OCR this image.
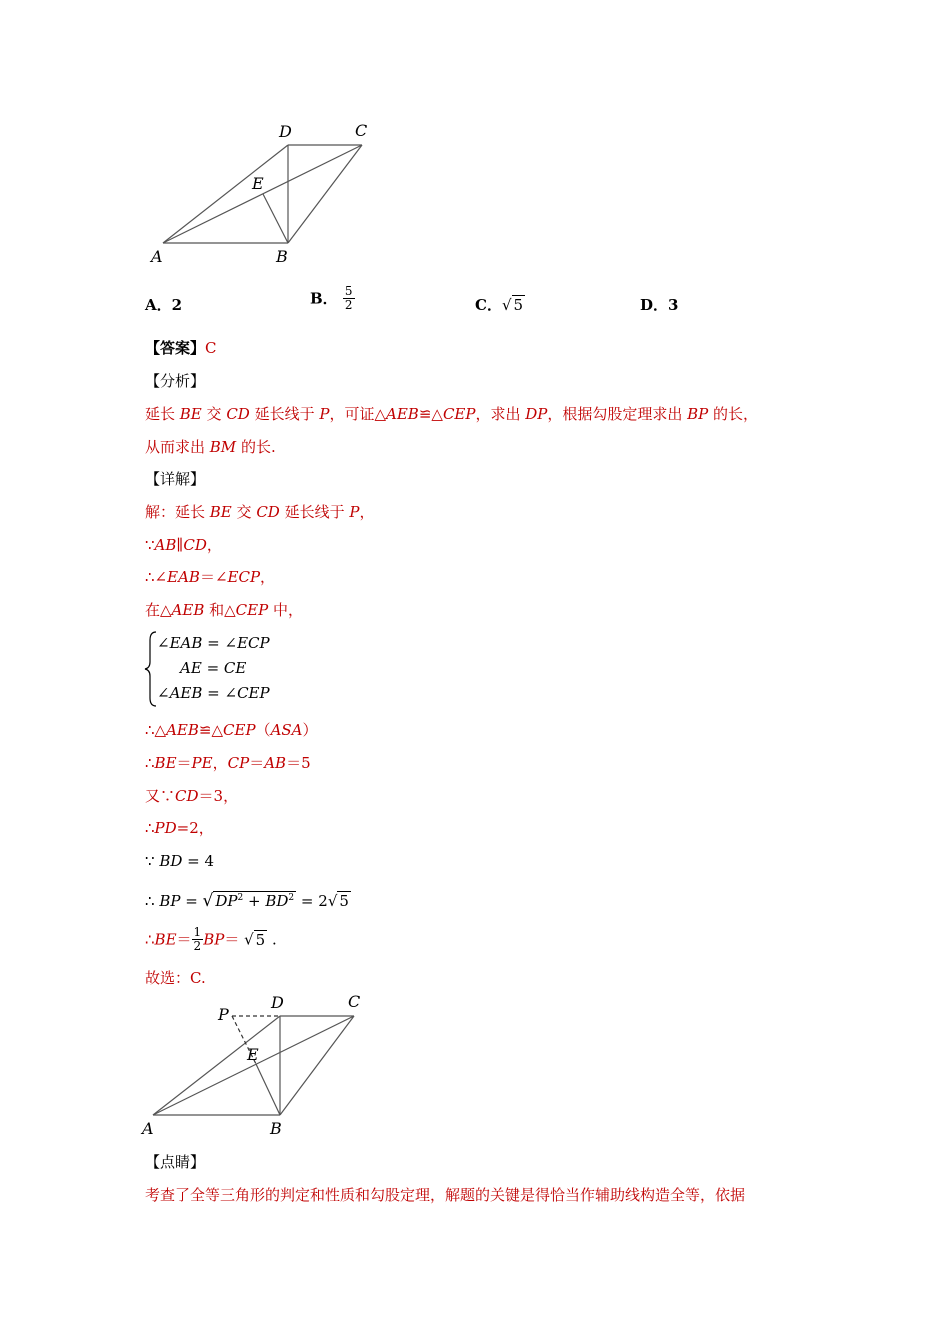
D	C
E
A	B
A．2	B． $\frac{5}{2}$	C．√ 5	D．3
【答案】C
【分析】
延长 BE 交 CD 延长线于 P，可证△AEB≌△CEP，求出 DP，根据勾股定理求出 BP 的长，
从而求出 BM 的长.
【详解】
解：延长 BE 交 CD 延长线于 P，
∵AB∥CD，
∴∠EAB＝∠ECP，
在△AEB 和△CEP 中，
∠EAB = ∠ECP
AE = CE
∠AEB = ∠CEP
∴△AEB≌△CEP（ASA）
∴BE＝PE，CP＝AB＝5
又∵CD＝3，
∴PD=2，
∵ BD = 4
∴ BP = √ $DP^2 + BD^2 = 2√$ 5
∴BE＝ $\frac{1}{2} BP=$ √ 5 .
故选：C.
P
D	C
E
A	B
【点睛】
考查了全等三角形的判定和性质和勾股定理，解题的关键是得恰当作辅助线构造全等，依据
